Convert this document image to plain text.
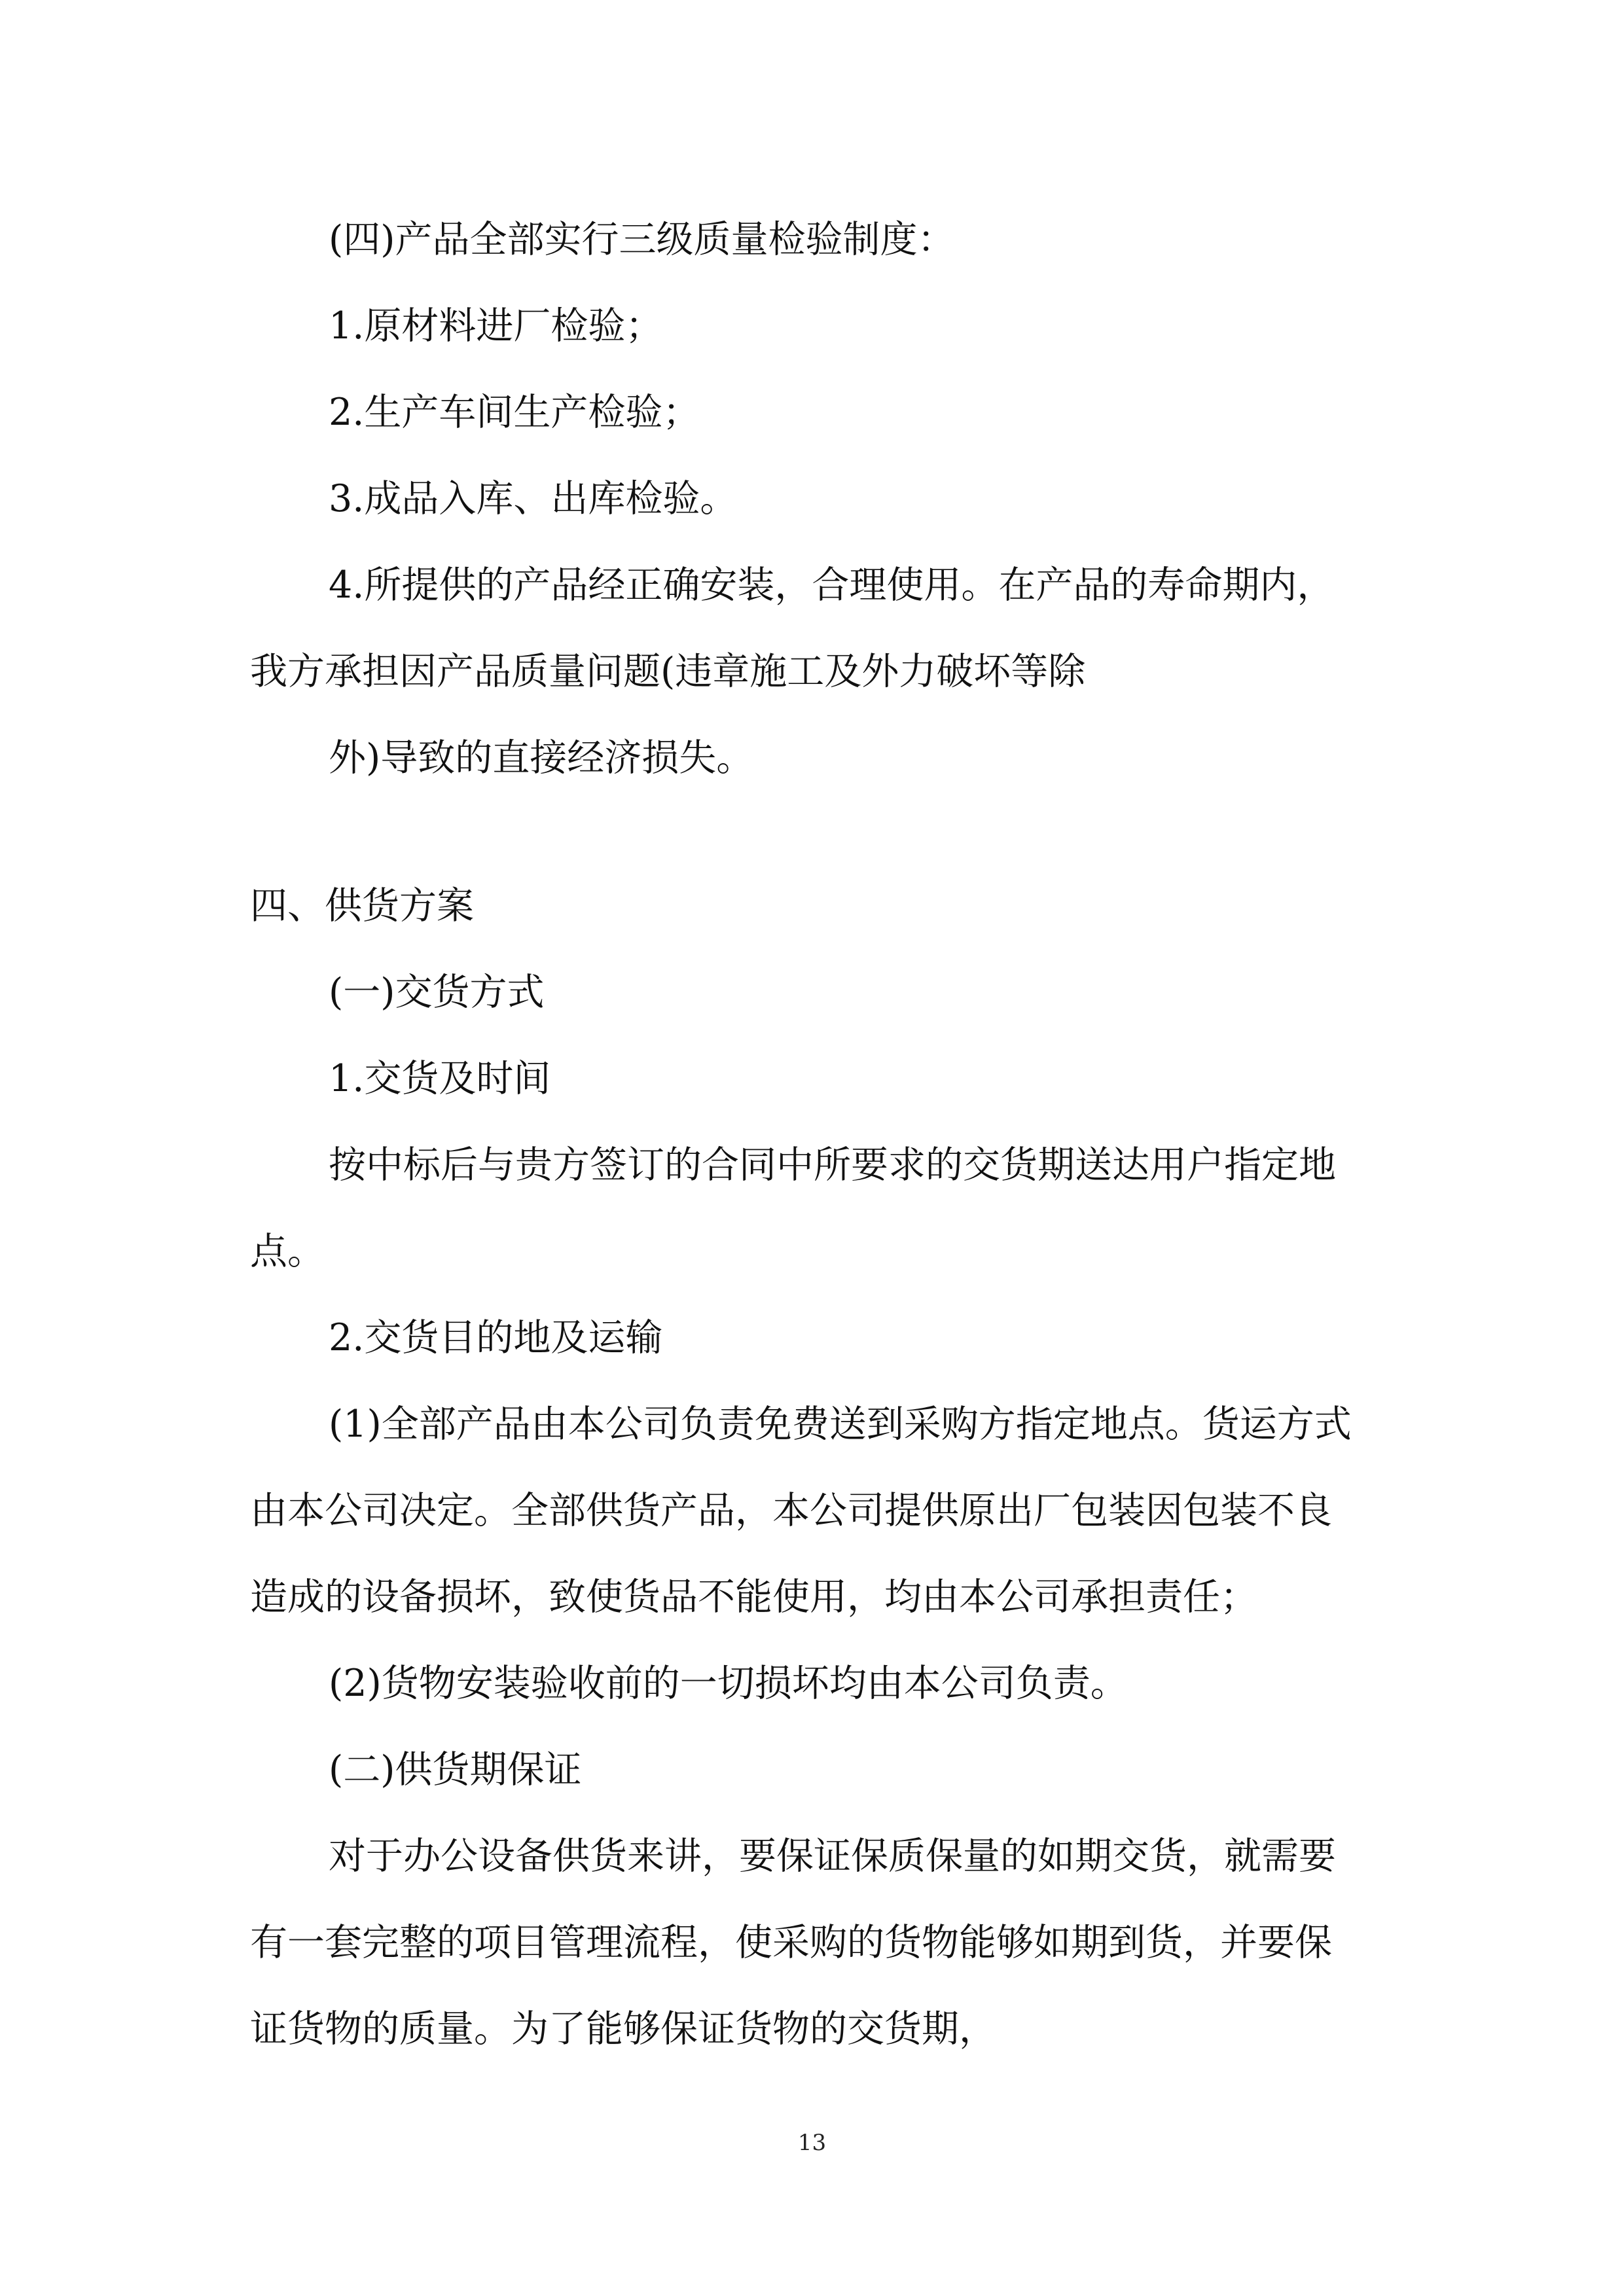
(四)产品全部实行三级质量检验制度：
1.原材料进厂检验；
2.生产车间生产检验；
3.成品入库、出库检验。
4.所提供的产品经正确安装，合理使用。在产品的寿命期内，
我方承担因产品质量问题(违章施工及外力破坏等除
外)导致的直接经济损失。
四、供货方案
(一)交货方式
1.交货及时间
按中标后与贵方签订的合同中所要求的交货期送达用户指定地
点。
2.交货目的地及运输
(1)全部产品由本公司负责免费送到采购方指定地点。货运方式
由本公司决定。全部供货产品，本公司提供原出厂包装因包装不良
造成的设备损坏，致使货品不能使用，均由本公司承担责任；
(2)货物安装验收前的一切损坏均由本公司负责。
(二)供货期保证
对于办公设备供货来讲，要保证保质保量的如期交货，就需要
有一套完整的项目管理流程，使采购的货物能够如期到货，并要保
证货物的质量。为了能够保证货物的交货期，
13
